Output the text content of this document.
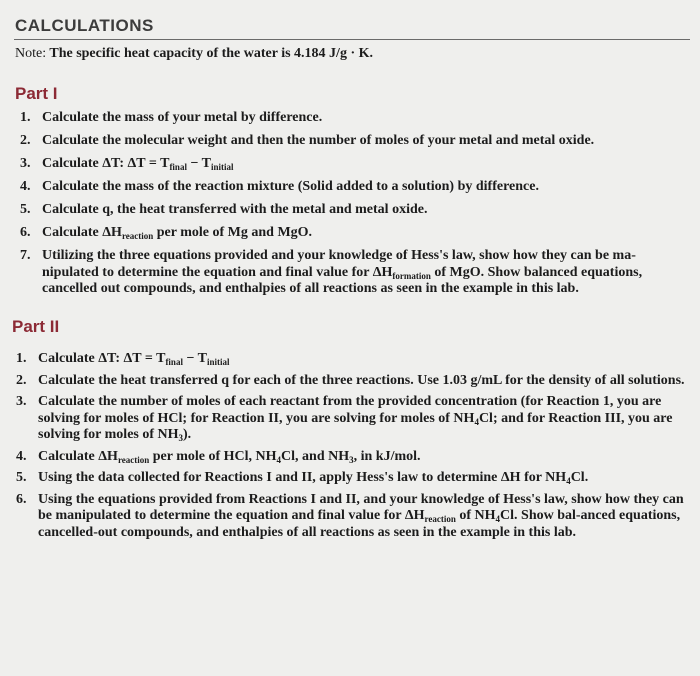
CALCULATIONS
Note: The specific heat capacity of the water is 4.184 J/g · K.
Part I
1. Calculate the mass of your metal by difference.
2. Calculate the molecular weight and then the number of moles of your metal and metal oxide.
3. Calculate ΔT: $\Delta T = T_{final} - T_{initial}$
4. Calculate the mass of the reaction mixture (Solid added to a solution) by difference.
5. Calculate q, the heat transferred with the metal and metal oxide.
6. Calculate $\Delta H_{reaction}$ per mole of Mg and MgO.
7. Utilizing the three equations provided and your knowledge of Hess's law, show how they can be ma-nipulated to determine the equation and final value for $\Delta H_{formation}$ of MgO. Show balanced equations, cancelled out compounds, and enthalpies of all reactions as seen in the example in this lab.
Part II
1. Calculate ΔT: $\Delta T = T_{final} - T_{initial}$
2. Calculate the heat transferred q for each of the three reactions. Use 1.03 g/mL for the density of all solutions.
3. Calculate the number of moles of each reactant from the provided concentration (for Reaction 1, you are solving for moles of HCl; for Reaction II, you are solving for moles of $NH_4Cl$; and for Reaction III, you are solving for moles of $NH_3$).
4. Calculate $\Delta H_{reaction}$ per mole of HCl, $NH_4Cl$, and $NH_3$, in kJ/mol.
5. Using the data collected for Reactions I and II, apply Hess's law to determine ΔH for $NH_4Cl$.
6. Using the equations provided from Reactions I and II, and your knowledge of Hess's law, show how they can be manipulated to determine the equation and final value for $\Delta H_{reaction}$ of $NH_4Cl$. Show bal-anced equations, cancelled-out compounds, and enthalpies of all reactions as seen in the example in this lab.
